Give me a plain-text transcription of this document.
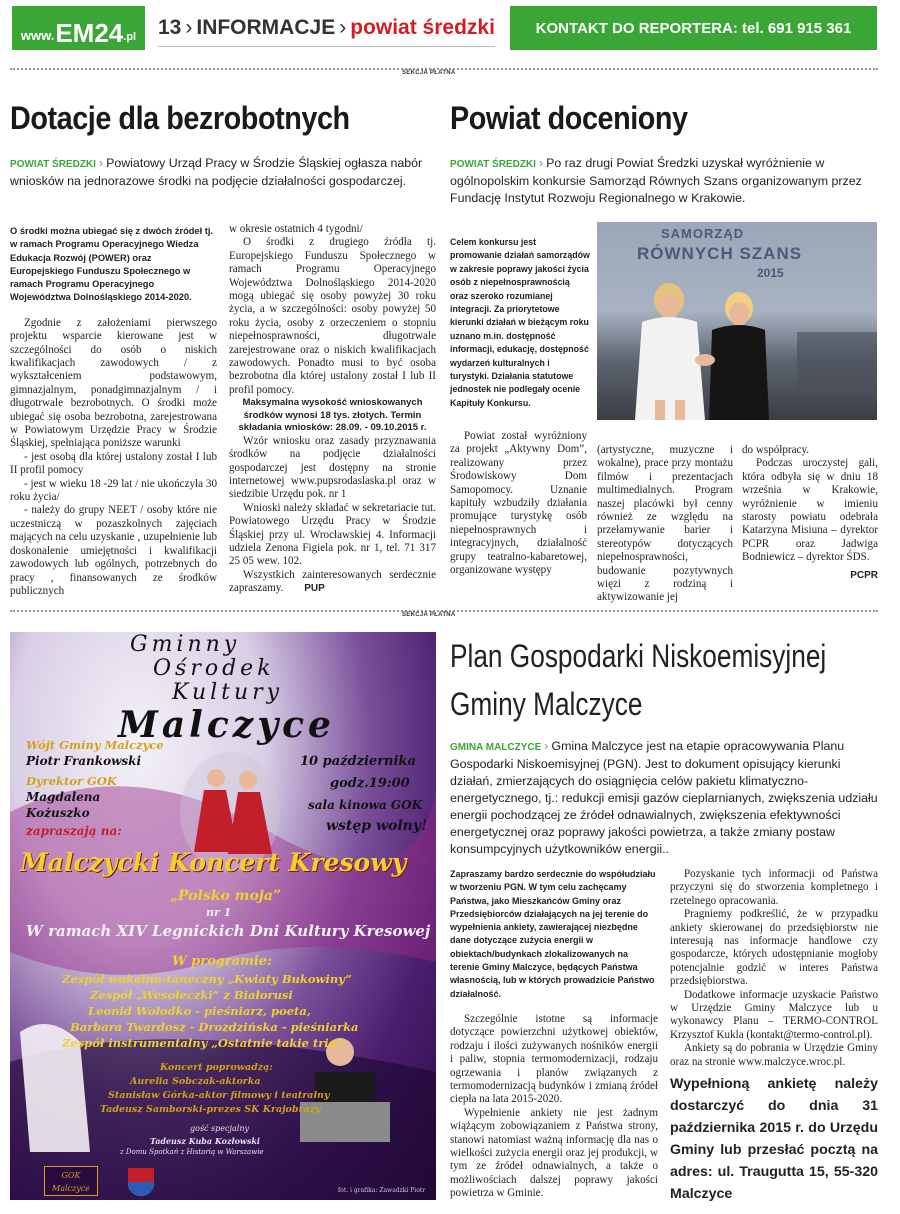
www. EM24 .pl 13 › INFORMACJE › powiat średzki	KONTAKT DO REPORTERA: tel. 691 915 361
SEKCJA PŁATNA
Dotacje dla bezrobotnych
POWIAT ŚREDZKI › Powiatowy Urząd Pracy w Środzie Śląskiej ogłasza nabór wniosków na jednorazowe środki na podjęcie działalności gospodarczej.
O środki można ubiegać się z dwóch źródeł tj. w ramach Programu Operacyjnego Wiedza Edukacja Rozwój (POWER) oraz Europejskiego Funduszu Społecznego w ramach Programu Operacyjnego Województwa Dolnośląskiego 2014-2020.

Zgodnie z założeniami pierwszego projektu wsparcie kierowane jest w szczególności do osób o niskich kwalifikacjach zawodowych / z wykształceniem podstawowym, gimnazjalnym, ponadgimnazjalnym / i długotrwale bezrobotnych. O środki może ubiegać się osoba bezrobotna, zarejestrowana w Powiatowym Urzędzie Pracy w Środzie Śląskiej, spełniająca poniższe warunki

- jest osobą dla której ustalony został I lub II profil pomocy

- jest w wieku 18 -29 lat / nie ukończyła 30 roku życia/

- należy do grupy NEET / osoby które nie uczestniczą w pozaszkolnych zajęciach mających na celu uzyskanie , uzupełnienie lub doskonalenie umiejętności i kwalifikacji zawodowych lub ogólnych, potrzebnych do pracy , finansowanych ze środków publicznych

w okresie ostatnich 4 tygodni/

O środki z drugiego źródła tj. Europejskiego Funduszu Społecznego w ramach Programu Operacyjnego Województwa Dolnośląskiego 2014-2020 mogą ubiegać się osoby powyżej 30 roku życia, a w szczególności: osoby powyżej 50 roku życia, osoby z orzeczeniem o stopniu niepełnosprawności, długotrwale zarejestrowane oraz o niskich kwalifikacjach zawodowych. Ponadto musi to być osoba bezrobotna dla której ustalony został I lub II profil pomocy.

Maksymalna wysokość wnioskowanych środków wynosi 18 tys. złotych. Termin składania wniosków: 28.09. - 09.10.2015 r.

Wzór wniosku oraz zasady przyznawania środków na podjęcie działalności gospodarczej jest dostępny na stronie internetowej www.pupsrodaslaska.pl oraz w siedzibie Urzędu pok. nr 1

Wnioski należy składać w sekretariacie tut. Powiatowego Urzędu Pracy w Środzie Śląskiej przy ul. Wrocławskiej 4. Informacji udziela Zenona Figiela pok. nr 1, tel. 71 317 25 05 wew. 102.

Wszystkich zainteresowanych serdecznie zapraszamy. PUP

Powiat doceniony
POWIAT ŚREDZKI › Po raz drugi Powiat Średzki uzyskał wyróżnienie w ogólnopolskim konkursie Samorząd Równych Szans organizowanym przez Fundację Instytut Rozwoju Regionalnego w Krakowie.
Celem konkursu jest promowanie działań samorządów w zakresie poprawy jakości życia osób z niepełnosprawnością oraz szeroko rozumianej integracji. Za priorytetowe kierunki działań w bieżącym roku uznano m.in. dostępność informacji, edukację, dostępność wydarzeń kulturalnych i turystyki. Działania statutowe jednostek nie podlegały ocenie Kapituły Konkursu.
SAMORZĄD
RÓWNYCH SZANS
2015

Powiat został wyróżniony za projekt „Aktywny Dom”, realizowany przez Środowiskowy Dom Samopomocy. Uznanie kapituły wzbudziły działania promujące turystykę osób niepełnosprawnych i integracyjnych, działalność grupy teatralno-kabaretowej, organizowane występy

(artystyczne, muzyczne i wokalne), prace przy montażu filmów i prezentacjach multimedialnych. Program naszej placówki był cenny również ze względu na przełamywanie barier i stereotypów dotyczących niepełnosprawności, budowanie pozytywnych więzi z rodziną i aktywizowanie jej

do współpracy.

Podczas uroczystej gali, która odbyła się w dniu 18 września w Krakowie, wyróżnienie w imieniu starosty powiatu odebrała Katarzyna Misiuna – dyrektor PCPR oraz Jadwiga Bodniewicz – dyrektor ŚDS.

PCPR

SEKCJA PŁATNA
Gminny
Ośrodek
Kultury
Malczyce
Wójt Gminy Malczyce
Piotr Frankowski
Dyrektor GOK
Magdalena
Kożuszko
zapraszają na:
10 października
godz.19:00
sala kinowa GOK
wstęp wolny!
Malczycki Koncert Kresowy
„Polsko moja”
nr 1
W ramach XIV Legnickich Dni Kultury Kresowej
W programie:
Zespół wokalno-taneczny „Kwiaty Bukowiny”
Zespół „Wesołeczki” z Białorusi
Leonid Wołodko - pieśniarz, poeta,
Barbara Twardosz - Drozdzińska - pieśniarka
Zespół instrumentalny „Ostatnie takie trio”
Koncert poprowadzą:
Aurelia Sobczak-aktorka
Stanisław Górka-aktor filmowy i teatralny
Tadeusz Samborski-prezes SK Krajobrazy
gość specjalny
Tadeusz Kuba Kozłowski
z Domu Spotkań z Historią w Warszawie
GOK Malczyce	fot. i grafika: Zawadzki Piotr
Plan Gospodarki Niskoemisyjnej
Gminy Malczyce
GMINA MALCZYCE › Gmina Malczyce jest na etapie opracowywania Planu Gospodarki Niskoemisyjnej (PGN). Jest to dokument opisujący kierunki działań, zmierzających do osiągnięcia celów pakietu klimatyczno-energetycznego, tj.: redukcji emisji gazów cieplarnianych, zwiększenia udziału energii pochodzącej ze źródeł odnawialnych, zwiększenia efektywności energetycznej oraz poprawy jakości powietrza, a także zmiany postaw konsumpcyjnych użytkowników energii..
Zapraszamy bardzo serdecznie do współudziału w tworzeniu PGN. W tym celu zachęcamy Państwa, jako Mieszkańców Gminy oraz Przedsiębiorców działających na jej terenie do wypełnienia ankiety, zawierającej niezbędne dane dotyczące zużycia energii w obiektach/budynkach zlokalizowanych na terenie Gminy Malczyce, będących Państwa własnością, lub w których prowadzicie Państwo działalność.

Szczególnie istotne są informacje dotyczące powierzchni użytkowej obiektów, rodzaju i ilości zużywanych nośników energii i paliw, stopnia termomodernizacji, rodzaju ogrzewania i planów związanych z termomodernizacją budynków i zmianą źródeł ciepła na lata 2015-2020.

Wypełnienie ankiety nie jest żadnym wiążącym zobowiązaniem z Państwa strony, stanowi natomiast ważną informację dla nas o wielkości zużycia energii oraz jej produkcji, w tym ze źródeł odnawialnych, a także o możliwościach dalszej poprawy jakości powietrza w Gminie.

Pozyskanie tych informacji od Państwa przyczyni się do stworzenia kompletnego i rzetelnego opracowania.

Pragniemy podkreślić, że w przypadku ankiety skierowanej do przedsiębiorstw nie interesują nas informacje handlowe czy gospodarcze, których udostępnianie mogłoby potencjalnie godzić w interes Państwa przedsiębiorstwa.

Dodatkowe informacje uzyskacie Państwo w Urzędzie Gminy Malczyce lub u wykonawcy Planu – TERMO-CONTROL Krzysztof Kukla (kontakt@termo-control.pl).

Ankiety są do pobrania w Urzędzie Gminy oraz na stronie www.malczyce.wroc.pl.

Wypełnioną ankietę należy dostarczyć do dnia 31 października 2015 r. do Urzędu Gminy lub przesłać pocztą na adres: ul. Traugutta 15, 55-320 Malczyce
